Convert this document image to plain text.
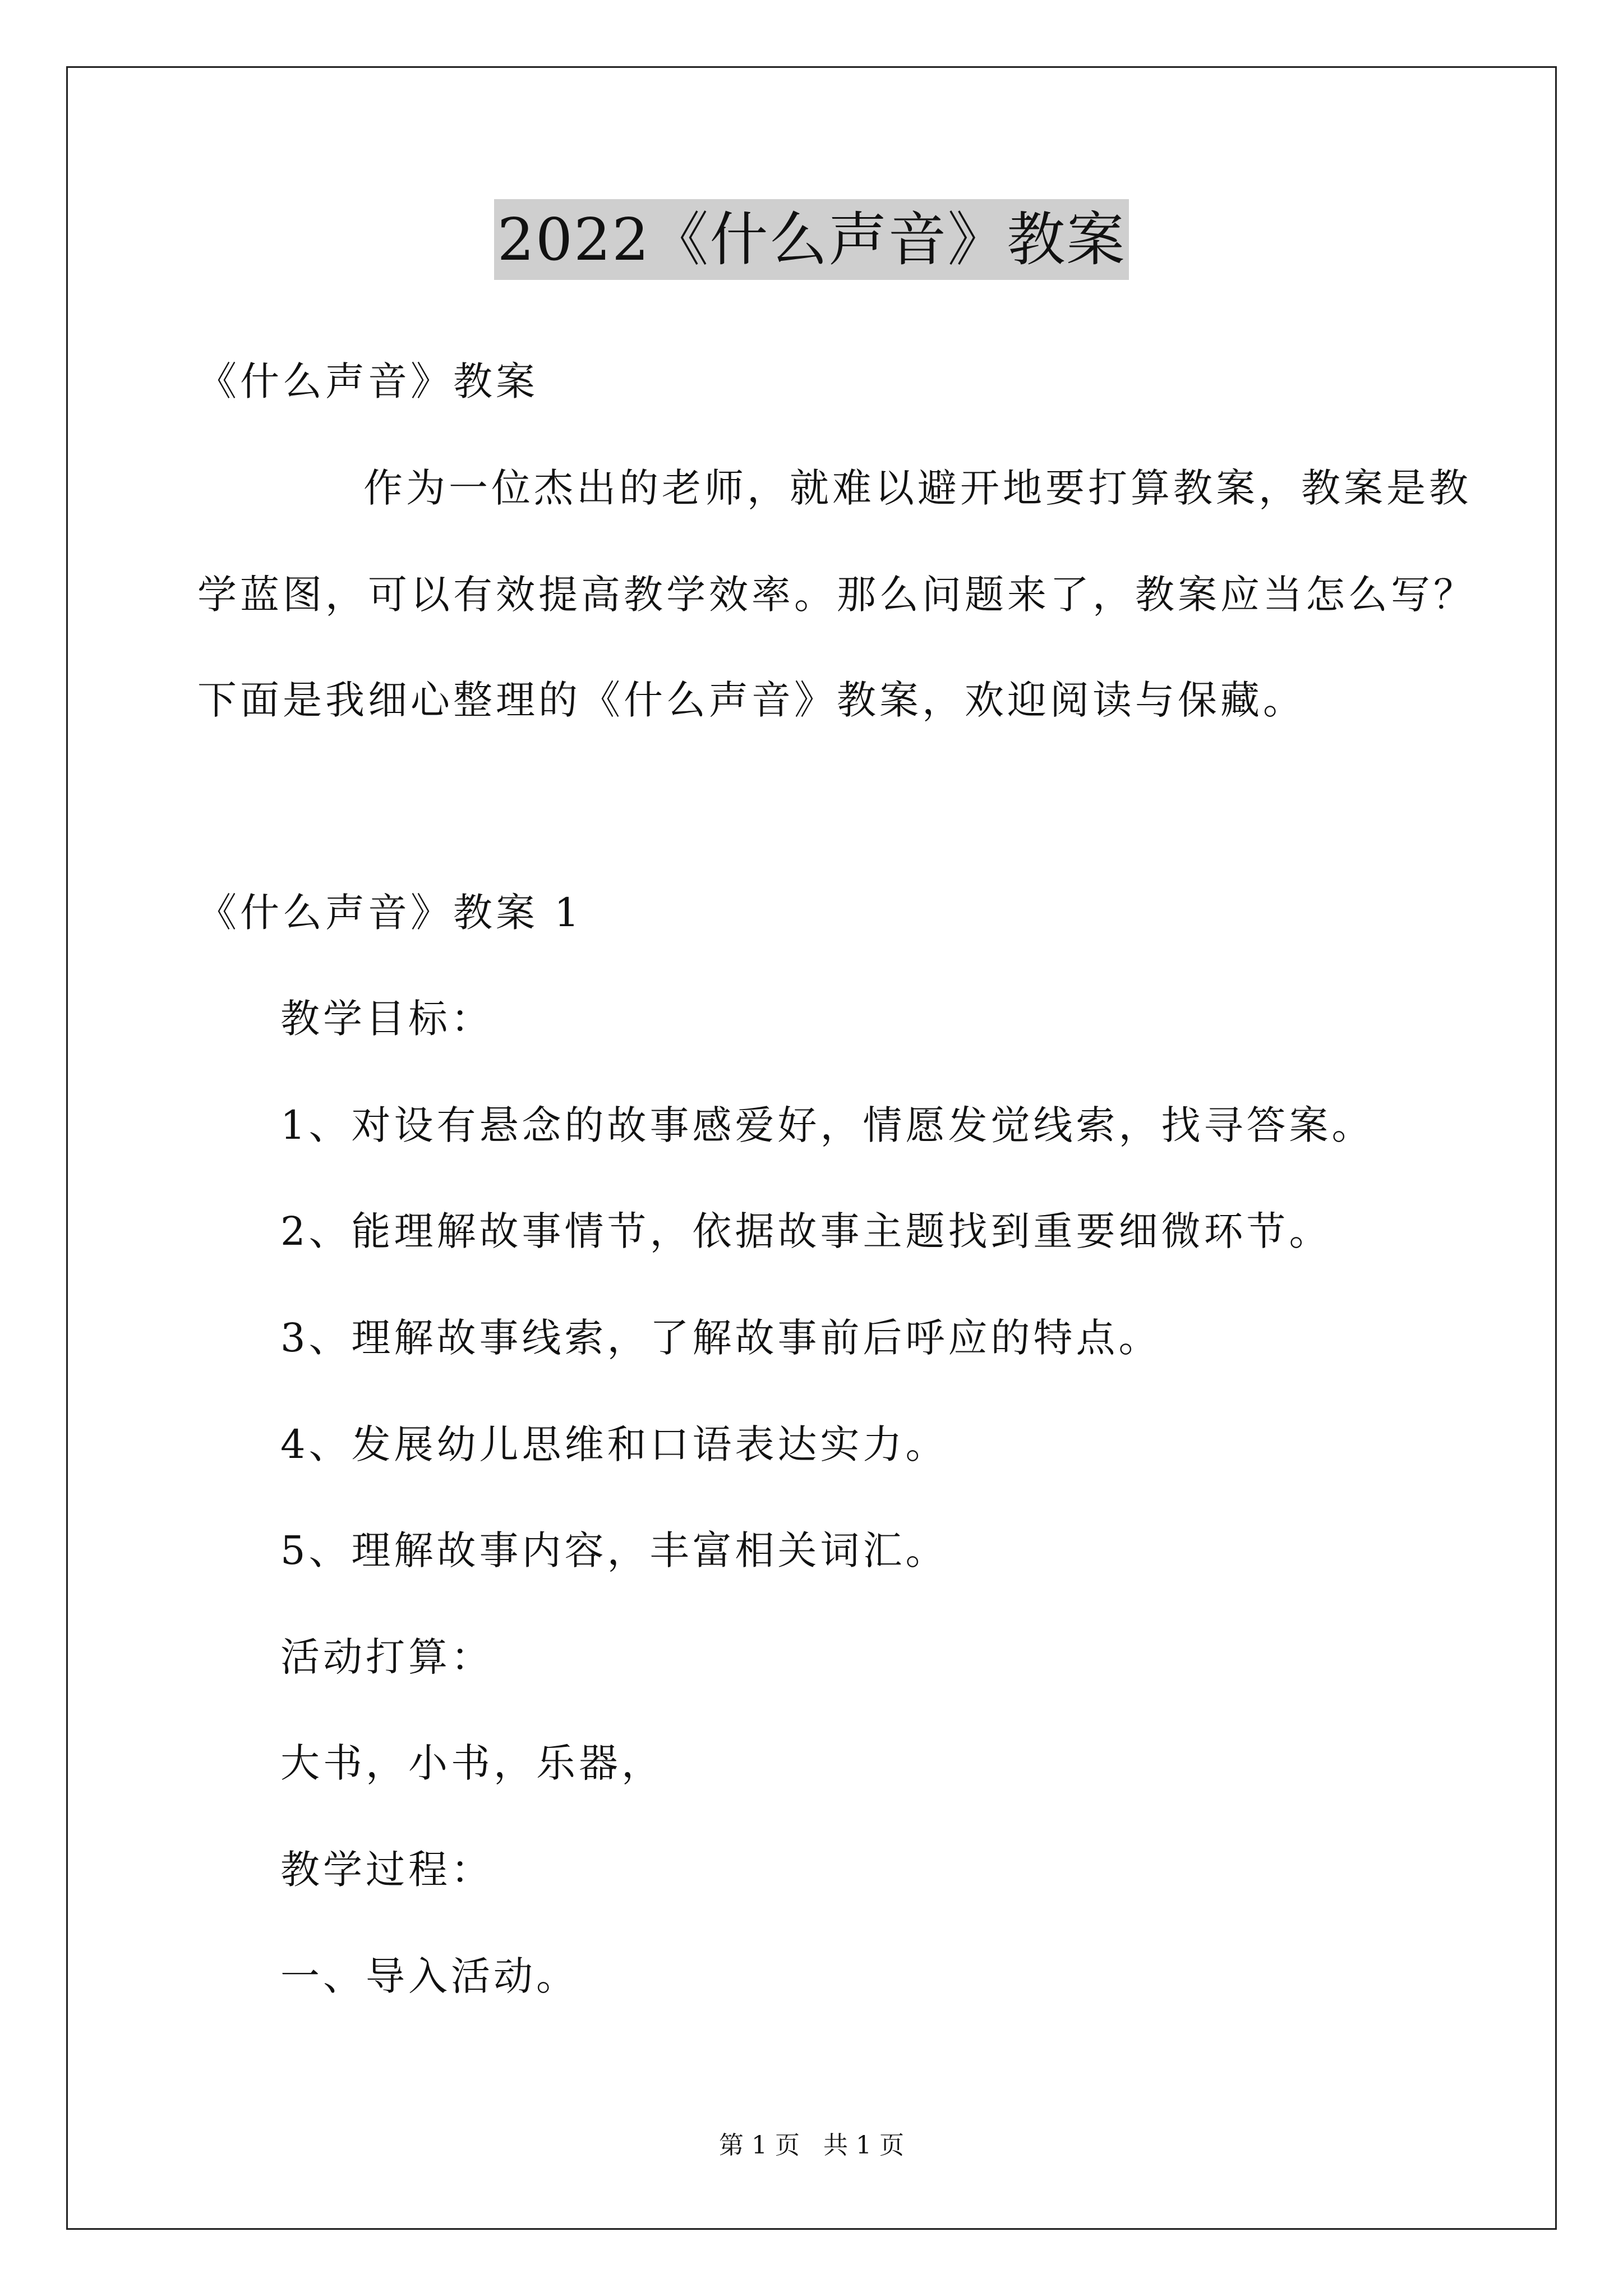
2022《什么声音》教案
《什么声音》教案
作为一位杰出的老师，就难以避开地要打算教案，教案是教
学蓝图，可以有效提高教学效率。那么问题来了，教案应当怎么写？
下面是我细心整理的《什么声音》教案，欢迎阅读与保藏。
《什么声音》教案 1
教学目标：
1、对设有悬念的故事感爱好，情愿发觉线索，找寻答案。
2、能理解故事情节，依据故事主题找到重要细微环节。
3、理解故事线索，了解故事前后呼应的特点。
4、发展幼儿思维和口语表达实力。
5、理解故事内容，丰富相关词汇。
活动打算：
大书，小书，乐器，
教学过程：
一、导入活动。
第 1 页   共 1 页
